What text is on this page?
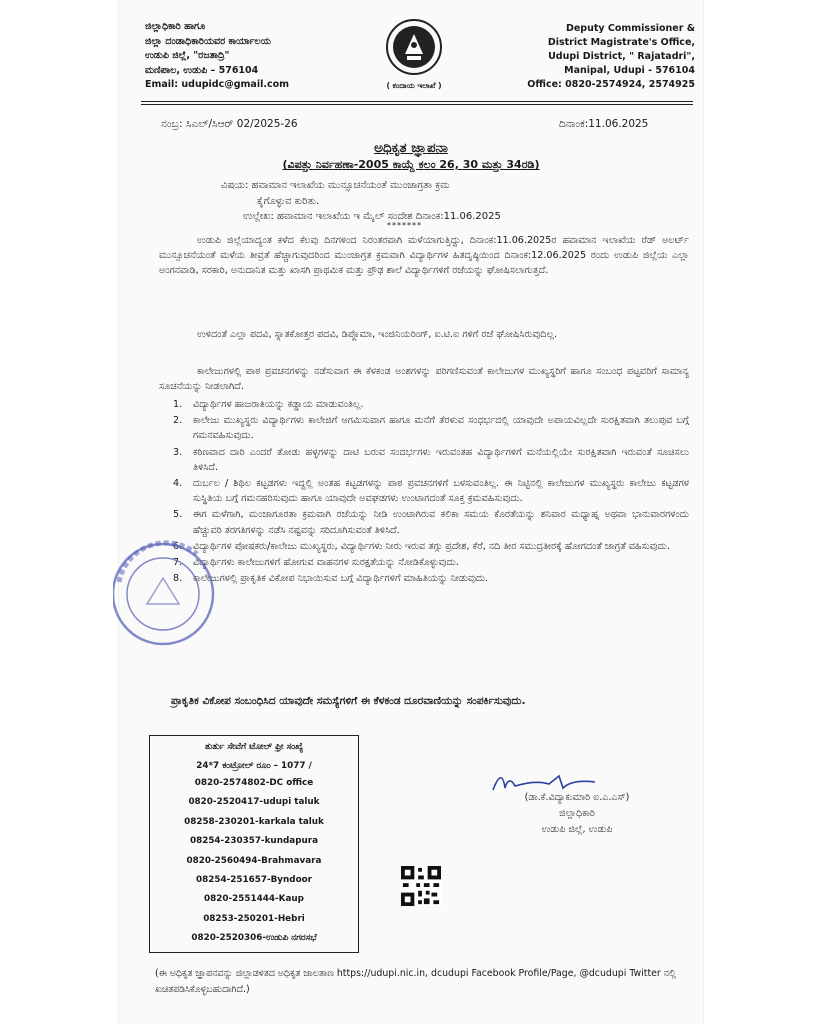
ಜಿಲ್ಲಾಧಿಕಾರಿ ಹಾಗೂ
ಜಿಲ್ಲಾ ದಂಡಾಧಿಕಾರಿಯವರ ಕಾರ್ಯಾಲಯ
ಉಡುಪಿ ಜಿಲ್ಲೆ, "ರಜತಾದ್ರಿ"
ಮಣಿಪಾಲ, ಉಡುಪಿ – 576104
Email: udupidc@gmail.com	( ಕಂದಾಯ ಇಲಾಖೆ )
Deputy Commissioner &
District Magistrate's Office,
Udupi District, " Rajatadri",
Manipal, Udupi - 576104
Office: 0820-2574924, 2574925
ನಂಬ್ರ: ಸಿಎಲ್/ಸಿಆರ್ 02/2025-26	ದಿನಾಂಕ:11.06.2025
ಅಧಿಕೃತ ಜ್ಞಾಪನಾ
(ವಿಪತ್ತು ನಿರ್ವಹಣಾ-2005 ಕಾಯ್ದೆ ಕಲಂ 26, 30 ಮತ್ತು 34ರಡಿ)
ವಿಷಯ: ಹವಾಮಾನ ಇಲಾಖೆಯ ಮುನ್ಸೂಚನೆಯಂತೆ ಮುಂಜಾಗ್ರತಾ ಕ್ರಮ
ಕೈಗೊಳ್ಳುವ ಕುರಿತು.
ಉಲ್ಲೇಖ: ಹವಾಮಾನ ಇಲಾಖೆಯ ಇ ಮೈಲ್ ಸಂದೇಶ ದಿನಾಂಕ:11.06.2025
*******

ಉಡುಪಿ ಜಿಲ್ಲೆಯಾದ್ಯಂತ ಕಳೆದ ಕೆಲವು ದಿನಗಳಿಂದ ನಿರಂತರವಾಗಿ ಮಳೆಯಾಗುತ್ತಿದ್ದು, ದಿನಾಂಕ:11.06.2025ರ ಹವಾಮಾನ ಇಲಾಖೆಯ ರೆಡ್ ಅಲರ್ಟ್ ಮುನ್ಸೂಚನೆಯಂತೆ ಮಳೆಯ ತೀವ್ರತೆ ಹೆಚ್ಚಾಗುವುದರಿಂದ ಮುಂಜಾಗ್ರತ ಕ್ರಮವಾಗಿ ವಿದ್ಯಾರ್ಥಿಗಳ ಹಿತದೃಷ್ಠಿಯಿಂದ ದಿನಾಂಕ:12.06.2025 ರಂದು ಉಡುಪಿ ಜಿಲ್ಲೆಯ ಎಲ್ಲಾ ಅಂಗನವಾಡಿ, ಸರಕಾರಿ, ಅನುದಾನಿತ ಮತ್ತು ಖಾಸಗಿ ಪ್ರಾಥಮಿಕ ಮತ್ತು ಪ್ರೌಢ ಶಾಲೆ ವಿದ್ಯಾರ್ಥಿಗಳಿಗೆ ರಜೆಯನ್ನು ಘೋಷಿಸಲಾಗುತ್ತದೆ.

ಉಳಿದಂತೆ ಎಲ್ಲಾ ಪದವಿ, ಸ್ನಾತಕೋತ್ತರ ಪದವಿ, ಡಿಪ್ಲೊಮಾ, ಇಂಜಿನಿಯರಿಂಗ್, ಐ.ಟಿ.ಐ ಗಳಿಗೆ ರಜೆ ಘೋಷಿಸಿರುವುದಿಲ್ಲ.

ಕಾಲೇಜುಗಳಲ್ಲಿ ಪಾಠ ಪ್ರವಚನಗಳನ್ನು ನಡೆಸುವಾಗ ಈ ಕೆಳಕಂಡ ಅಂಶಗಳನ್ನು ಪರಿಗಣಿಸುವಂತೆ ಕಾಲೇಜುಗಳ ಮುಖ್ಯಸ್ಥರಿಗೆ ಹಾಗೂ ಸಂಬಂಧ ಪಟ್ಟವರಿಗೆ ಸಾಮಾನ್ಯ ಸೂಚನೆಯನ್ನು ನೀಡಲಾಗಿದೆ.

1. ವಿದ್ಯಾರ್ಥಿಗಳ ಹಾಜರಾತಿಯನ್ನು ಕಡ್ಡಾಯ ಮಾಡುವಂತಿಲ್ಲ.
2. ಕಾಲೇಜು ಮುಖ್ಯಸ್ಥರು ವಿದ್ಯಾರ್ಥಿಗಳು ಕಾಲೇಜಿಗೆ ಆಗಮಿಸುವಾಗ ಹಾಗೂ ಮನೆಗೆ ತೆರಳುವ ಸಂಧರ್ಭದಲ್ಲಿ ಯಾವುದೇ ಅಪಾಯವಿಲ್ಲದೇ ಸುರಕ್ಷಿತವಾಗಿ ತಲುಪುವ ಬಗ್ಗೆ ಗಮನವಹಿಸುವುದು.
3. ಕಠಿಣವಾದ ದಾರಿ ಎಂದರೆ ತೋಡು ಹಳ್ಳಗಳನ್ನು ದಾಟಿ ಬರುವ ಸಂದರ್ಭಗಳು ಇರುವಂತಹ ವಿದ್ಯಾರ್ಥಿಗಳಿಗೆ ಮನೆಯಲ್ಲಿಯೇ ಸುರಕ್ಷಿತವಾಗಿ ಇರುವಂತೆ ಸೂಚಿಸಲು ತಿಳಿಸಿದೆ.
4. ದುರ್ಬಲ / ಶಿಥಿಲ ಕಟ್ಟಡಗಳು ಇದ್ದಲ್ಲಿ ಅಂತಹ ಕಟ್ಟಡಗಳನ್ನು ಪಾಠ ಪ್ರವಚನಗಳಿಗೆ ಬಳಸುವಂತಿಲ್ಲ. ಈ ನಿಟ್ಟಿನಲ್ಲಿ ಕಾಲೇಜುಗಳ ಮುಖ್ಯಸ್ಥರು ಕಾಲೇಜು ಕಟ್ಟಡಗಳ ಸುಸ್ಥಿತಿಯ ಬಗ್ಗೆ ಗಮನಹರಿಸುವುದು ಹಾಗೂ ಯಾವುದೇ ಅವಘಡಗಳು ಉಂಟಾಗದಂತೆ ಸೂಕ್ತ ಕ್ರಮವಹಿಸುವುದು.
5. ಈಗ ಮಳೆಗಾಗಿ, ಮಂಜಾಗೂರತಾ ಕ್ರಮವಾಗಿ ರಜೆಯನ್ನು ನೀಡಿ ಉಂಟಾಗಿರುವ ಕಲಿಕಾ ಸಮಯ ಕೊರತೆಯನ್ನು ಶನಿವಾರ ಮಧ್ಯಾಹ್ನ ಅಥವಾ ಭಾನುವಾರಗಳಂದು ಹೆಚ್ಚುವರಿ ತರಗತಿಗಳನ್ನು ನಡೆಸಿ ನಷ್ಟವನ್ನು ಸರಿದೂಗಿಸುವಂತೆ ತಿಳಿಸಿದೆ.
6. ವಿದ್ಯಾರ್ಥಿಗಳ ಪೋಷಕರು/ಕಾಲೇಜು ಮುಖ್ಯಸ್ಥರು, ವಿದ್ಯಾರ್ಥಿಗಳು ನೀರು ಇರುವ ತಗ್ಗು ಪ್ರದೇಶ, ಕೆರೆ, ನದಿ ತೀರ ಸಮುದ್ರತೀರಕ್ಕೆ ಹೋಗದಂತೆ ಜಾಗ್ರತೆ ವಹಿಸುವುದು.
7. ವಿದ್ಯಾರ್ಥಿಗಳು ಕಾಲೇಜುಗಳಿಗೆ ಹೋಗುವ ವಾಹನಗಳ ಸುರಕ್ಷತೆಯನ್ನು ನೋಡಿಕೊಳ್ಳುವುದು.
8. ಕಾಲೇಜುಗಳಲ್ಲಿ ಪ್ರಾಕೃತಿಕ ವಿಕೋಪ ನಿಭಾಯಿಸುವ ಬಗ್ಗೆ ವಿದ್ಯಾರ್ಥಿಗಳಿಗೆ ಮಾಹಿತಿಯನ್ನು ನೀಡುವುದು.
ಪ್ರಾಕೃತಿಕ ವಿಕೋಪ ಸಂಬಂಧಿಸಿದ ಯಾವುದೇ ಸಮಸ್ಯೆಗಳಿಗೆ ಈ ಕೆಳಕಂಡ ದೂರವಾಣಿಯನ್ನು ಸಂಪರ್ಕಿಸುವುದು.
ತುರ್ತು ಸೇವೆಗೆ ಟೋಲ್ ಫ್ರೀ ಸಂಖ್ಯೆ
24*7 ಕಂಟ್ರೋಲ್ ರೂಂ – 1077 /
0820-2574802-DC office
0820-2520417-udupi taluk
08258-230201-karkala taluk
08254-230357-kundapura
0820-2560494-Brahmavara
08254-251657-Byndoor
0820-2551444-Kaup
08253-250201-Hebri
0820-2520306-ಉಡುಪಿ ನಗರಸಭೆ
(ಡಾ.ಕೆ.ವಿದ್ಯಾಕುಮಾರಿ ಐ.ಎ.ಎಸ್)
ಜಿಲ್ಲಾಧಿಕಾರಿ
ಉಡುಪಿ ಜಿಲ್ಲೆ, ಉಡುಪಿ
(ಈ ಅಧಿಕೃತ ಜ್ಞಾಪನವನ್ನು ಜಿಲ್ಲಾಡಳಿತದ ಅಧಿಕೃತ ಜಾಲತಾಣ https://udupi.nic.in, dcudupi Facebook Profile/Page, @dcudupi Twitter ನಲ್ಲಿ ಖಚಿತಪಡಿಸಿಕೊಳ್ಳಬಹುದಾಗಿದೆ.)
